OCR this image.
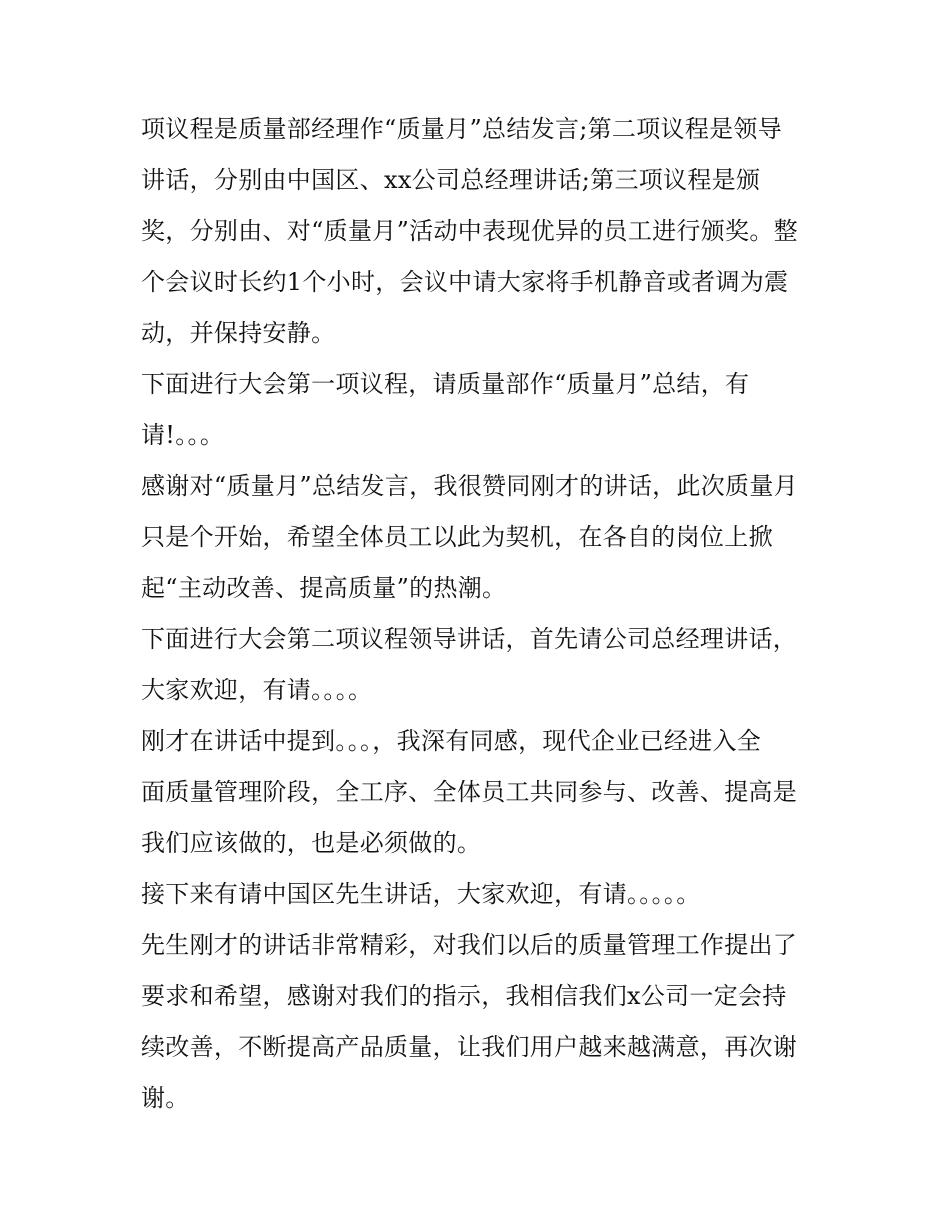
项议程是质量部经理作“质量月”总结发言;第二项议程是领导
讲话，分别由中国区、xx公司总经理讲话;第三项议程是颁
奖，分别由、对“质量月”活动中表现优异的员工进行颁奖。整
个会议时长约1个小时，会议中请大家将手机静音或者调为震
动，并保持安静。

下面进行大会第一项议程，请质量部作“质量月”总结，有
请!。。。

感谢对“质量月”总结发言，我很赞同刚才的讲话，此次质量月
只是个开始，希望全体员工以此为契机，在各自的岗位上掀
起“主动改善、提高质量”的热潮。

下面进行大会第二项议程领导讲话，首先请公司总经理讲话，
大家欢迎，有请。。。。

刚才在讲话中提到。。。，我深有同感，现代企业已经进入全
面质量管理阶段，全工序、全体员工共同参与、改善、提高是
我们应该做的，也是必须做的。

接下来有请中国区先生讲话，大家欢迎，有请。。。。。

先生刚才的讲话非常精彩，对我们以后的质量管理工作提出了
要求和希望，感谢对我们的指示，我相信我们x公司一定会持
续改善，不断提高产品质量，让我们用户越来越满意，再次谢
谢。
